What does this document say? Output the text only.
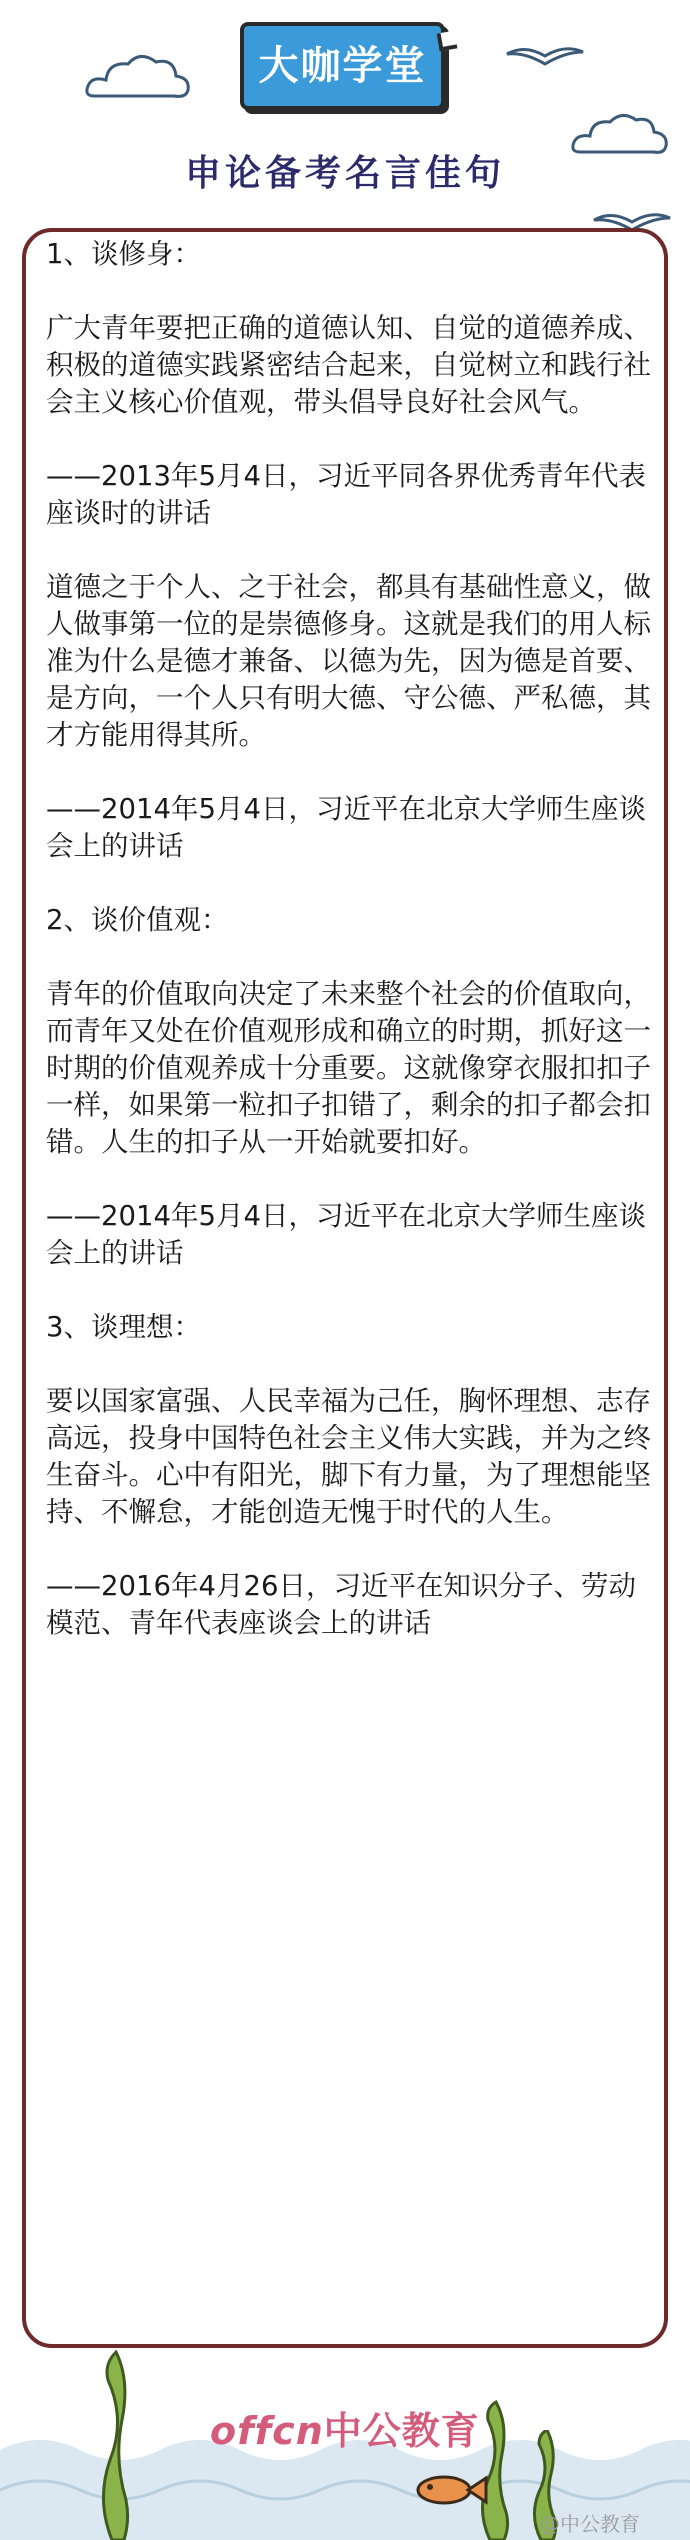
大咖学堂
申论备考名言佳句

1、谈修身：

广大青年要把正确的道德认知、自觉的道德养成、积极的道德实践紧密结合起来，自觉树立和践行社会主义核心价值观，带头倡导良好社会风气。

——2013年5月4日，习近平同各界优秀青年代表座谈时的讲话

道德之于个人、之于社会，都具有基础性意义，做人做事第一位的是崇德修身。这就是我们的用人标准为什么是德才兼备、以德为先，因为德是首要、是方向，一个人只有明大德、守公德、严私德，其才方能用得其所。

——2014年5月4日，习近平在北京大学师生座谈会上的讲话

2、谈价值观：

青年的价值取向决定了未来整个社会的价值取向，而青年又处在价值观形成和确立的时期，抓好这一时期的价值观养成十分重要。这就像穿衣服扣扣子一样，如果第一粒扣子扣错了，剩余的扣子都会扣错。人生的扣子从一开始就要扣好。

——2014年5月4日，习近平在北京大学师生座谈会上的讲话

3、谈理想：

要以国家富强、人民幸福为己任，胸怀理想、志存高远，投身中国特色社会主义伟大实践，并为之终生奋斗。心中有阳光，脚下有力量，为了理想能坚持、不懈怠，才能创造无愧于时代的人生。

——2016年4月26日，习近平在知识分子、劳动模范、青年代表座谈会上的讲话

offcn中公教育
@中公教育
